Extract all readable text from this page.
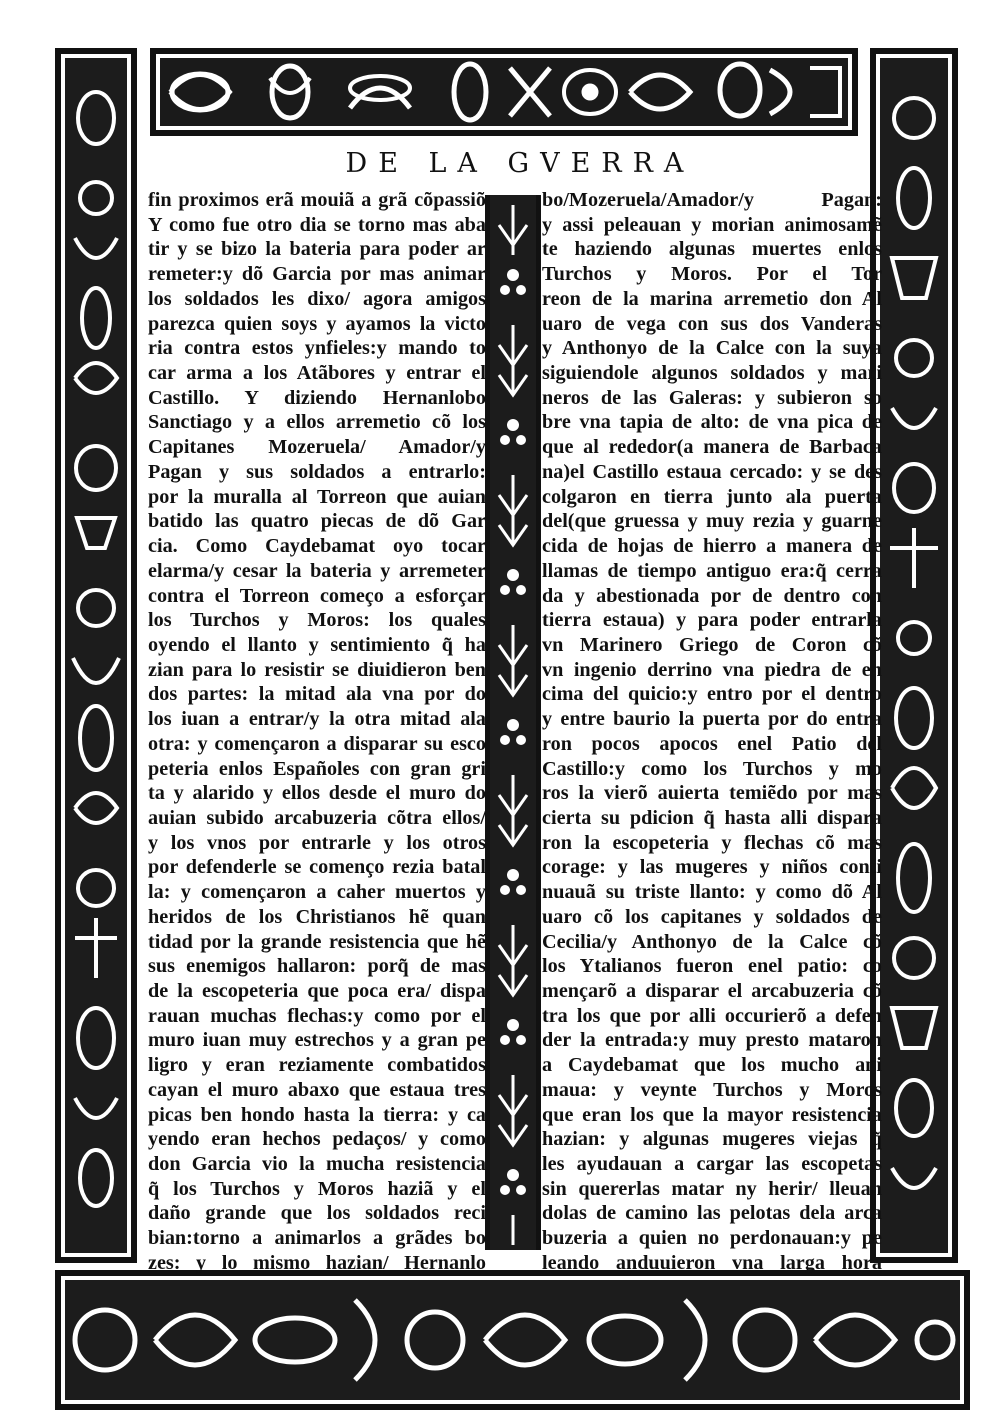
DE LA GVERRA
fin proximos erã mouiã a grã cõpassiõ
Y como fue otro dia se torno mas aba
tir y se bizo la bateria para poder ar
remeter:y dõ Garcia por mas animar
los soldados les dixo/ agora amigos
parezca quien soys y ayamos la victo
ria contra estos ynfieles:y mando to
car arma a los Atãbores y entrar el
Castillo. Y diziendo Hernanlobo
Sanctiago y a ellos arremetio cõ los
Capitanes Mozeruela/ Amador/y
Pagan y sus soldados a entrarlo:
por la muralla al Torreon que auian
batido las quatro piecas de dõ Gar
cia. Como Caydebamat oyo tocar
elarma/y cesar la bateria y arremeter
contra el Torreon começo a esforçar
los Turchos y Moros: los quales
oyendo el llanto y sentimiento q̃ ha
zian para lo resistir se diuidieron ben
dos partes: la mitad ala vna por do
los iuan a entrar/y la otra mitad ala
otra: y començaron a disparar su esco
peteria enlos Españoles con gran gri
ta y alarido y ellos desde el muro do
auian subido arcabuzeria cõtra ellos/
y los vnos por entrarle y los otros
por defenderle se començo rezia batal
la: y començaron a caher muertos y
heridos de los Christianos hẽ quan
tidad por la grande resistencia que hẽ
sus enemigos hallaron: porq̃ de mas
de la escopeteria que poca era/ dispa
rauan muchas flechas:y como por el
muro iuan muy estrechos y a gran pe
ligro y eran reziamente combatidos
cayan el muro abaxo que estaua tres
picas ben hondo hasta la tierra: y ca
yendo eran hechos pedaços/ y como
don Garcia vio la mucha resistencia
q̃ los Turchos y Moros haziã y el
daño grande que los soldados reci
bian:torno a animarlos a grãdes bo
zes: y lo mismo hazian/ Hernanlo
bo/Mozeruela/Amador/y Pagan:
y assi peleauan y morian animosamẽ
te haziendo algunas muertes enlos
Turchos y Moros. Por el Tor
reon de la marina arremetio don Al
uaro de vega con sus dos Vanderas
y Anthonyo de la Calce con la suya
siguiendole algunos soldados y mari
neros de las Galeras: y subieron so
bre vna tapia de alto: de vna pica de
que al rededor(a manera de Barbaca
na)el Castillo estaua cercado: y se des
colgaron en tierra junto ala puerta
del(que gruessa y muy rezia y guarne
cida de hojas de hierro a manera de
llamas de tiempo antiguo era:q̃ cerra
da y abestionada por de dentro con
tierra estaua) y para poder entrarla
vn Marinero Griego de Coron cõ
vn ingenio derrino vna piedra de en
cima del quicio:y entro por el dentro
y entre baurio la puerta por do entra
ron pocos apocos enel Patio del
Castillo:y como los Turchos y mo
ros la vierõ auierta temiẽdo por mas
cierta su pdicion q̃ hasta alli dispara
ron la escopeteria y flechas cõ mas
corage: y las mugeres y niños conti
nuauã su triste llanto: y como dõ Al
uaro cõ los capitanes y soldados de
Cecilia/y Anthonyo de la Calce cõ
los Ytalianos fueron enel patio: co
mençarõ a disparar el arcabuzeria cõ
tra los que por alli occurierõ a defen
der la entrada:y muy presto mataron
a Caydebamat que los mucho ani
maua: y veynte Turchos y Moros
que eran los que la mayor resistencia
hazian: y algunas mugeres viejas q̃
les ayudauan a cargar las escopetas
sin quererlas matar ny herir/ lleuan
dolas de camino las pelotas dela arca
buzeria a quien no perdonauan:y pe
leando anduuieron vna larga hora
